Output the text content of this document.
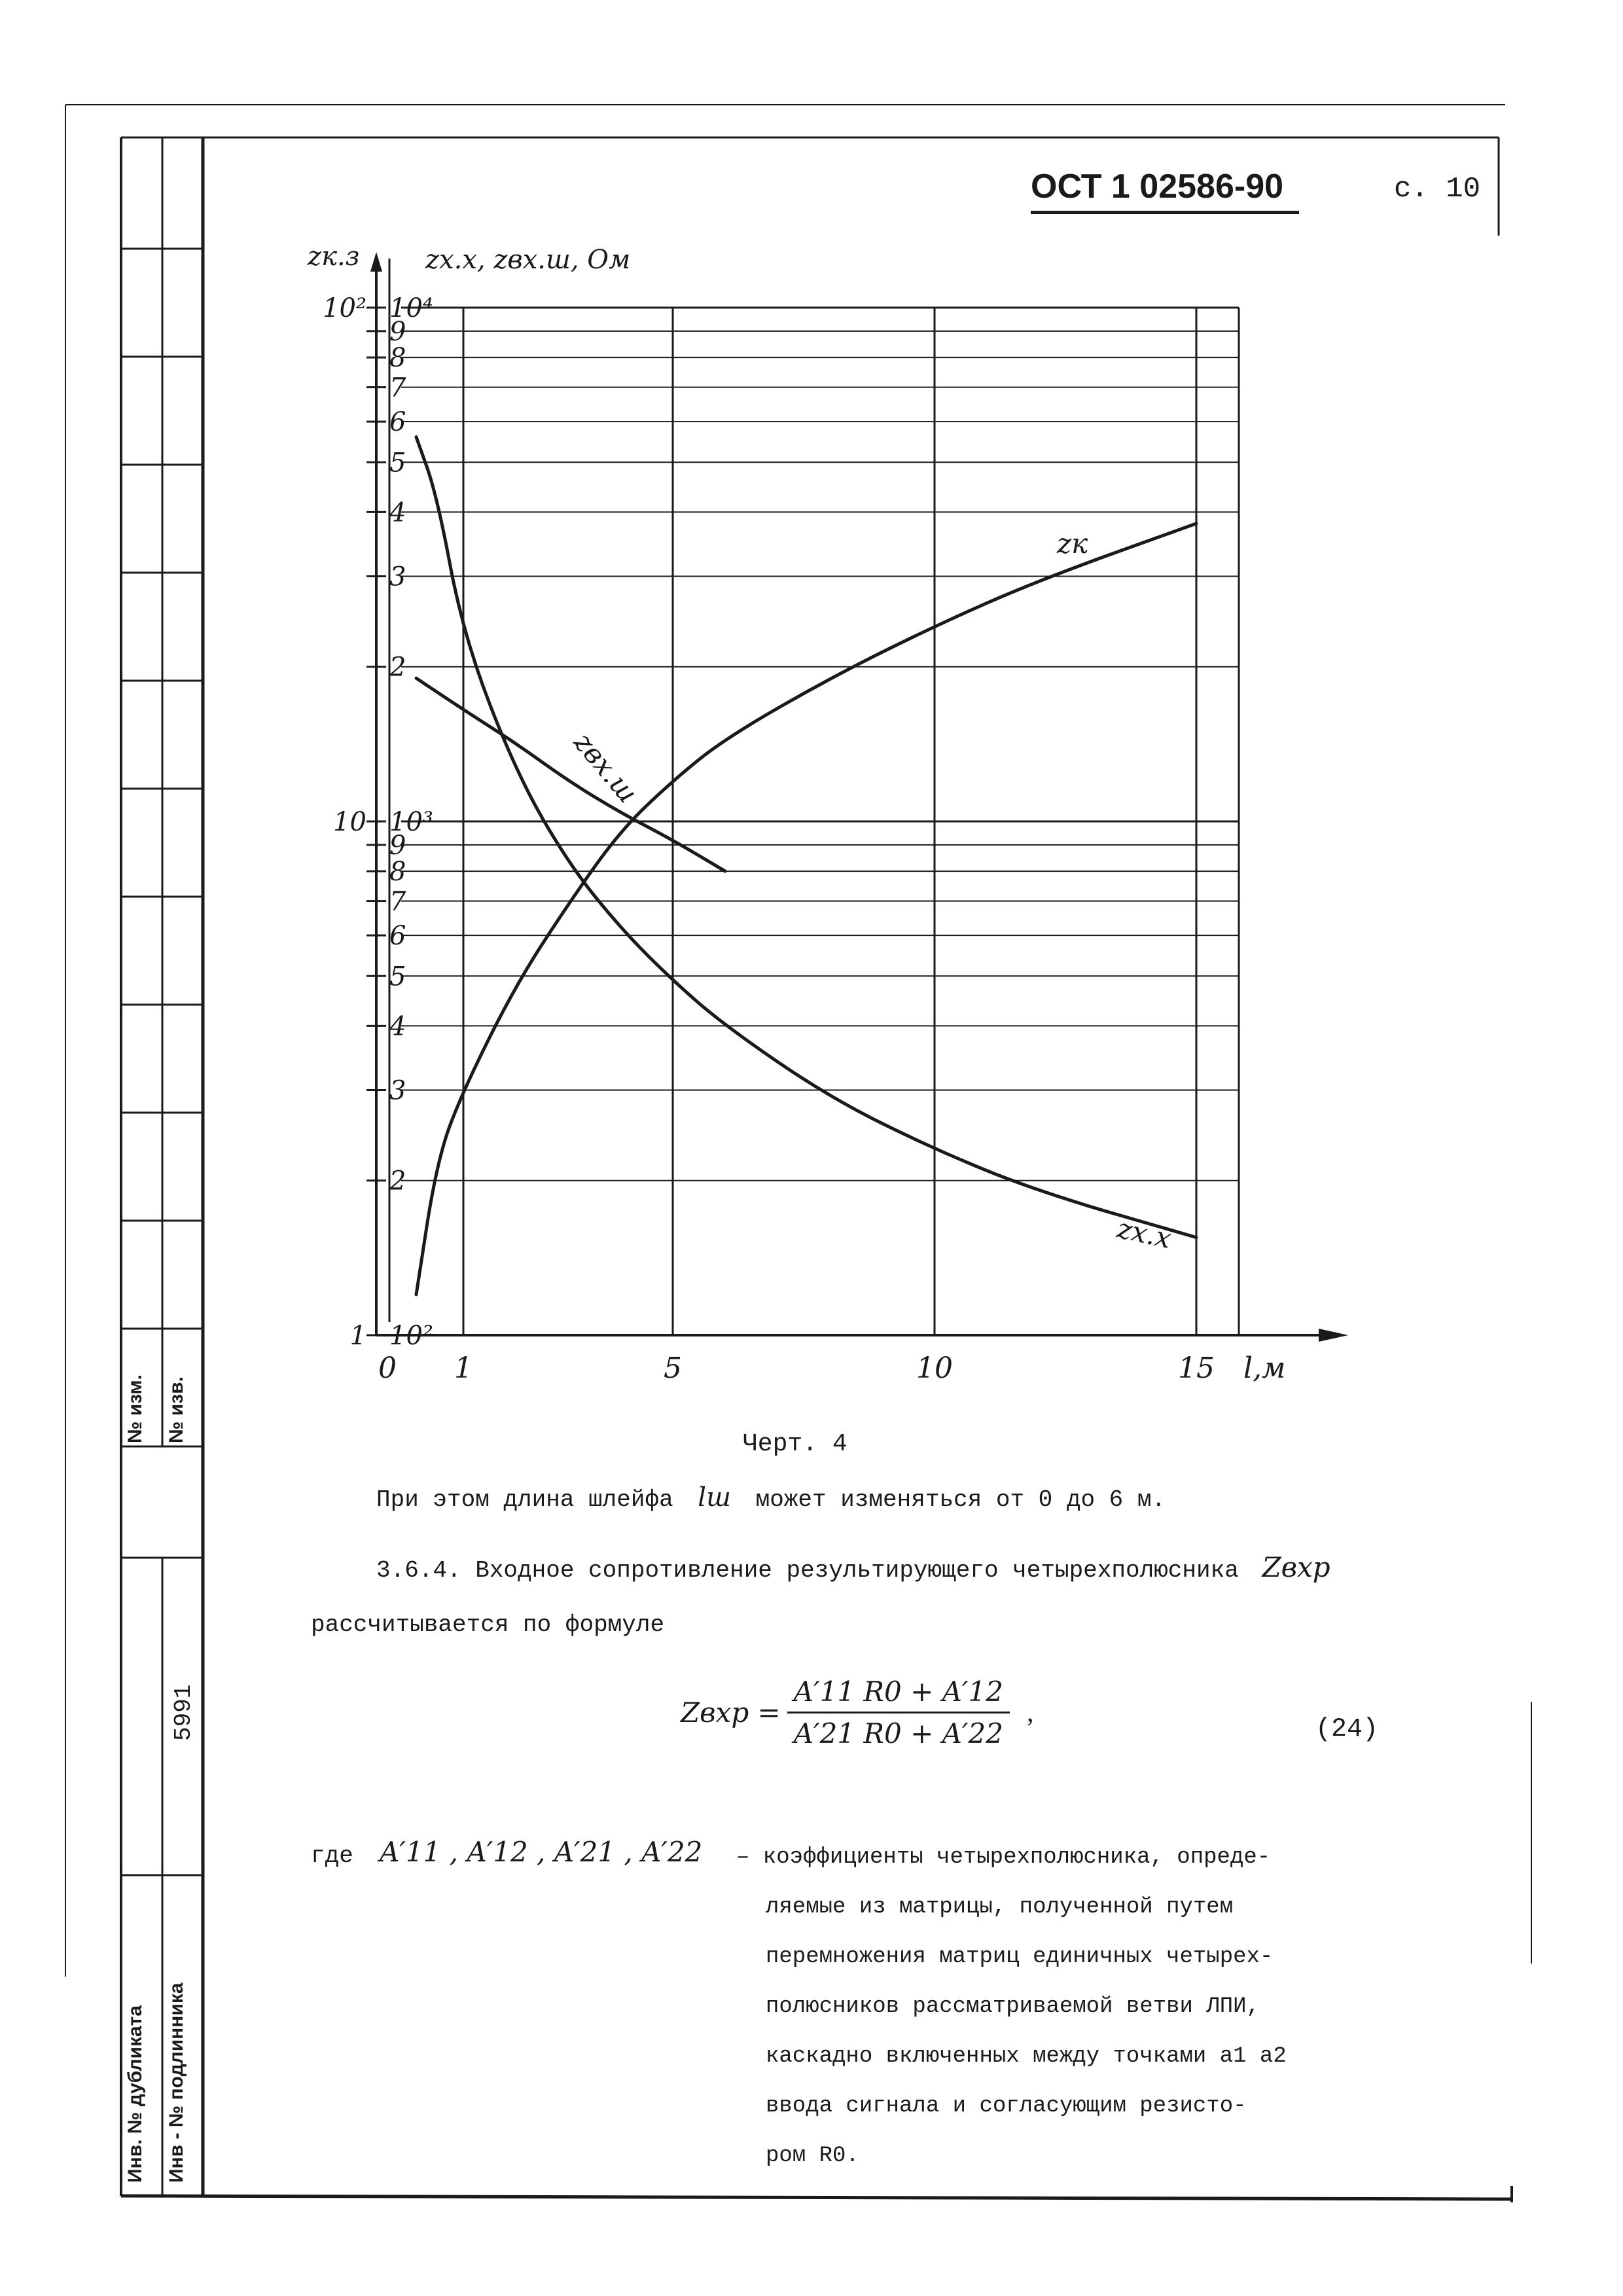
№ изм. № изв.
5991
Инв. № дубликата Инв - № подлинника
ОСТ 1 02586-90	с. 10
10²
2
3
4
5
6
7
8
9
10³
2
3
4
5
6
7
8
9
10⁴
1
10
10²
0 1	5	10	15
zк.з	zх.х, zвх.ш, Ом
l,м
zк
zх.х
zвх.ш
Черт. 4
При этом длина шлейфа lш может изменяться от 0 до 6 м.
3.6.4. Входное сопротивление результирующего четырехполюсника Zвхр
рассчитывается по формуле
Zвхр = $\frac{A'11 R0 + A'12}{A'21 R0 + A'22}$ ,
(24)
где A′11 , A′12 , A′21 , A′22 – коэффициенты четырехполюсника, опреде-
ляемые из матрицы, полученной путем
перемножения матриц единичных четырех-
полюсников рассматриваемой ветви ЛПИ,
каскадно включенных между точками a1 a2
ввода сигнала и согласующим резисто-
ром R0.
